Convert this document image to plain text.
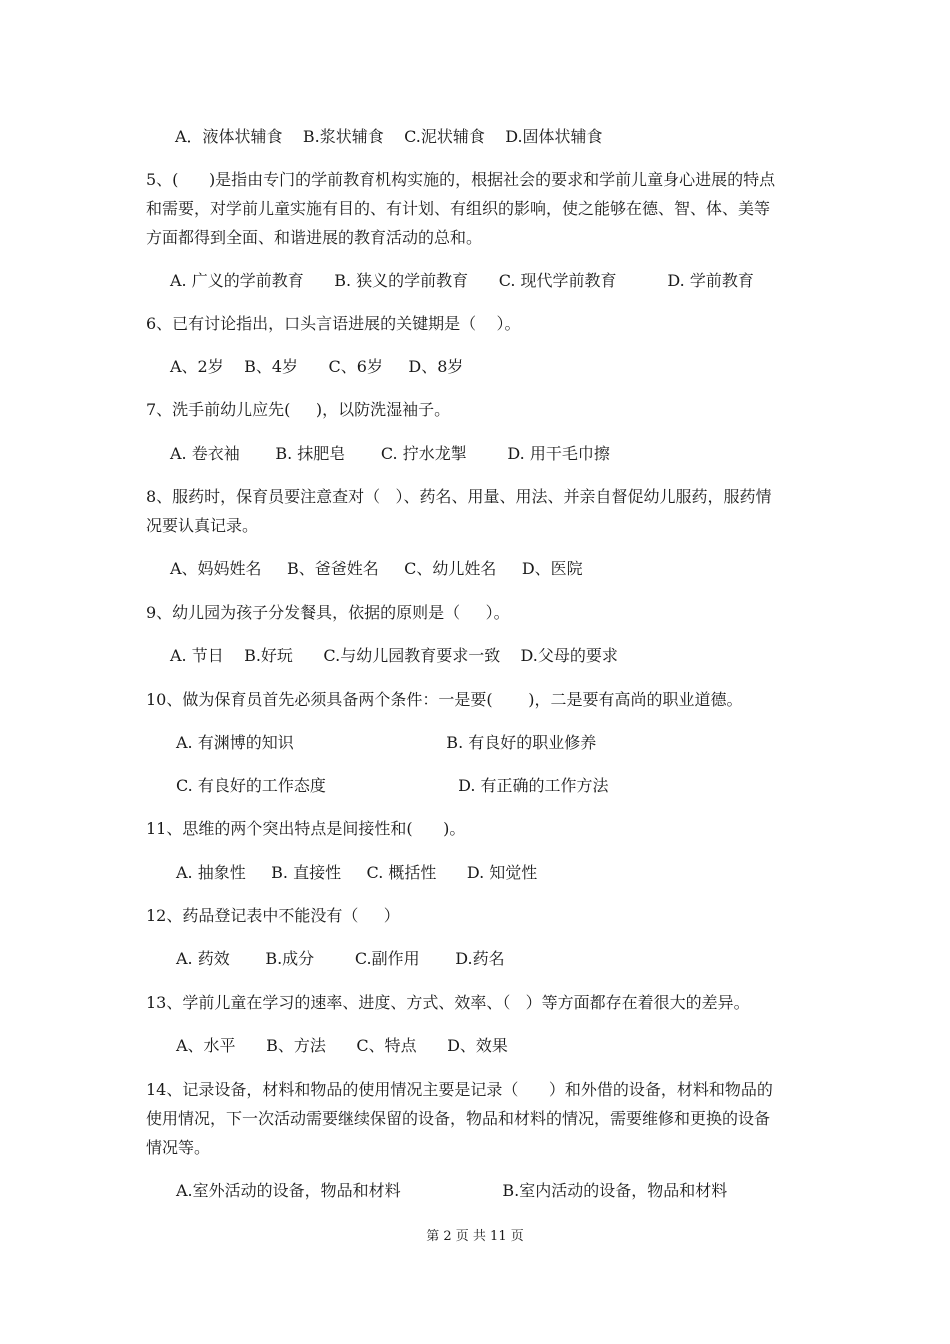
A．液体状辅食    B.浆状辅食    C.泥状辅食    D.固体状辅食
5、(      )是指由专门的学前教育机构实施的，根据社会的要求和学前儿童身心进展的特点
和需要，对学前儿童实施有目的、有计划、有组织的影响，使之能够在德、智、体、美等
方面都得到全面、和谐进展的教育活动的总和。
A. 广义的学前教育      B. 狭义的学前教育      C. 现代学前教育          D. 学前教育
6、已有讨论指出，口头言语进展的关键期是（    ）。
A、2岁    B、4岁      C、6岁     D、8岁
7、洗手前幼儿应先(     )，以防洗湿袖子。
A. 卷衣袖       B. 抹肥皂       C. 拧水龙掣        D. 用干毛巾擦
8、服药时，保育员要注意查对（   ）、药名、用量、用法、并亲自督促幼儿服药，服药情
况要认真记录。
A、妈妈姓名     B、爸爸姓名     C、幼儿姓名     D、医院
9、幼儿园为孩子分发餐具，依据的原则是（     ）。
A. 节日    B.好玩      C.与幼儿园教育要求一致    D.父母的要求
10、做为保育员首先必须具备两个条件：一是要(       )，二是要有高尚的职业道德。
A. 有渊博的知识                              B. 有良好的职业修养
C. 有良好的工作态度                          D. 有正确的工作方法
11、思维的两个突出特点是间接性和(      )。
A. 抽象性     B. 直接性     C. 概括性      D. 知觉性
12、药品登记表中不能没有（     ）
A. 药效       B.成分        C.副作用       D.药名
13、学前儿童在学习的速率、进度、方式、效率、（   ）等方面都存在着很大的差异。
A、水平      B、方法      C、特点      D、效果
14、记录设备，材料和物品的使用情况主要是记录（      ）和外借的设备，材料和物品的
使用情况，下一次活动需要继续保留的设备，物品和材料的情况，需要维修和更换的设备
情况等。
A.室外活动的设备，物品和材料                    B.室内活动的设备，物品和材料
第 2 页 共 11 页
